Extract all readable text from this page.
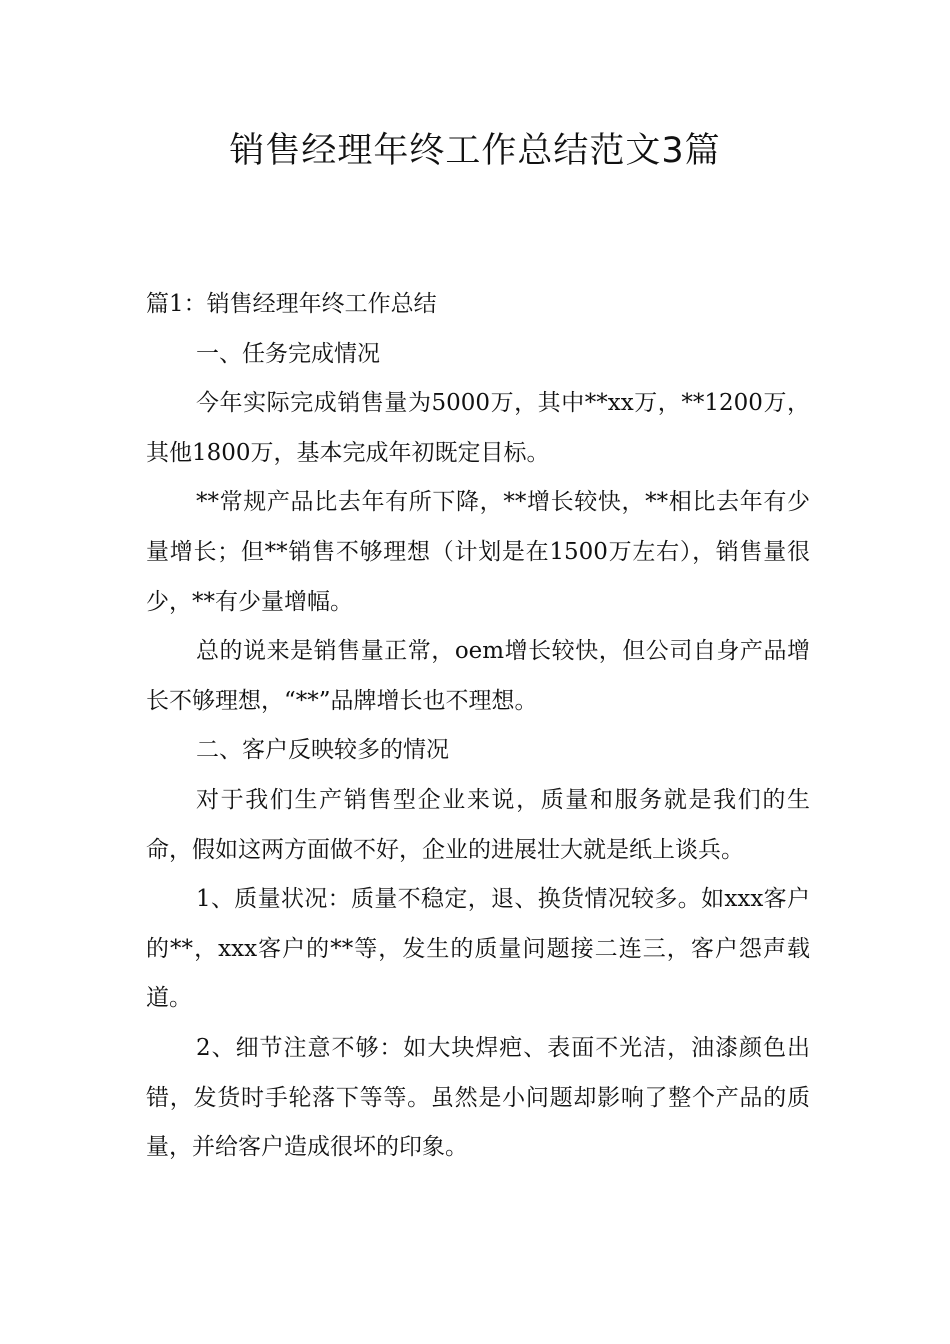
销售经理年终工作总结范文3篇

篇1：销售经理年终工作总结

一、任务完成情况

今年实际完成销售量为5000万，其中**xx万，**1200万，其他1800万，基本完成年初既定目标。

**常规产品比去年有所下降，**增长较快，**相比去年有少量增长；但**销售不够理想（计划是在1500万左右），销售量很少，**有少量增幅。

总的说来是销售量正常，oem增长较快，但公司自身产品增长不够理想，“**”品牌增长也不理想。

二、客户反映较多的情况

对于我们生产销售型企业来说，质量和服务就是我们的生命，假如这两方面做不好，企业的进展壮大就是纸上谈兵。

1、质量状况：质量不稳定，退、换货情况较多。如xxx客户的**，xxx客户的**等，发生的质量问题接二连三，客户怨声载道。

2、细节注意不够：如大块焊疤、表面不光洁，油漆颜色出错，发货时手轮落下等等。虽然是小问题却影响了整个产品的质量，并给客户造成很坏的印象。
